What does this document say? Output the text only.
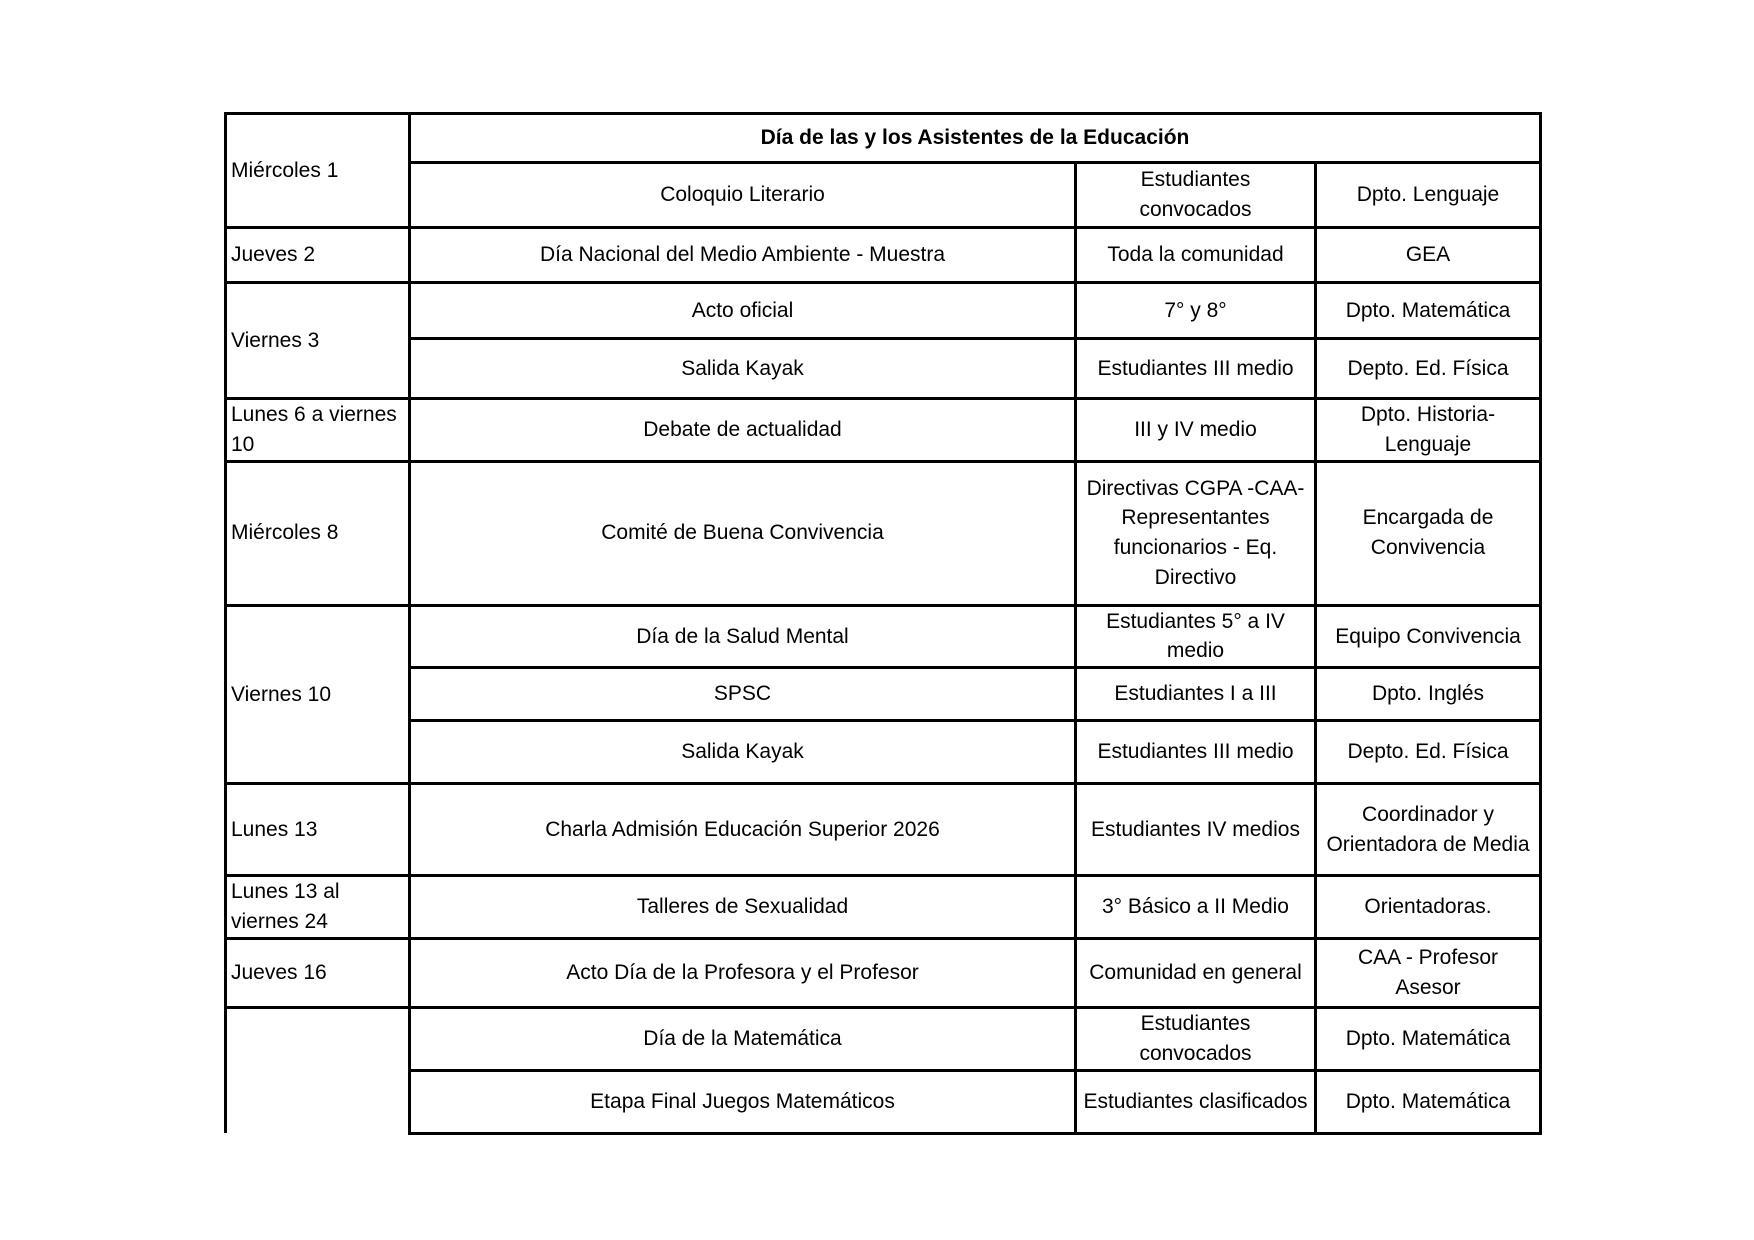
Miércoles 1	Día de las y los Asistentes de la Educación		
	Coloquio Literario	Estudiantes convocados	Dpto. Lenguaje
Jueves 2	Día Nacional del Medio Ambiente - Muestra	Toda la comunidad	GEA
Viernes 3	Acto oficial	7° y 8°	Dpto. Matemática
	Salida Kayak	Estudiantes III medio	Depto. Ed. Física
Lunes 6 a viernes 10	Debate de actualidad	III y IV medio	Dpto. Historia-Lenguaje
Miércoles 8	Comité de Buena Convivencia	Directivas CGPA -CAA- Representantes funcionarios - Eq. Directivo	Encargada de Convivencia
Viernes 10	Día de la Salud Mental	Estudiantes 5° a IV medio	Equipo Convivencia
	SPSC	Estudiantes I a III	Dpto. Inglés
	Salida Kayak	Estudiantes III medio	Depto. Ed. Física
Lunes 13	Charla Admisión Educación Superior 2026	Estudiantes IV medios	Coordinador y Orientadora de Media
Lunes 13 al viernes 24	Talleres de Sexualidad	3° Básico a II Medio	Orientadoras.
Jueves 16	Acto Día de la Profesora y el Profesor	Comunidad en general	CAA - Profesor Asesor
	Día de la Matemática	Estudiantes convocados	Dpto. Matemática
	Etapa Final Juegos Matemáticos	Estudiantes clasificados	Dpto. Matemática
